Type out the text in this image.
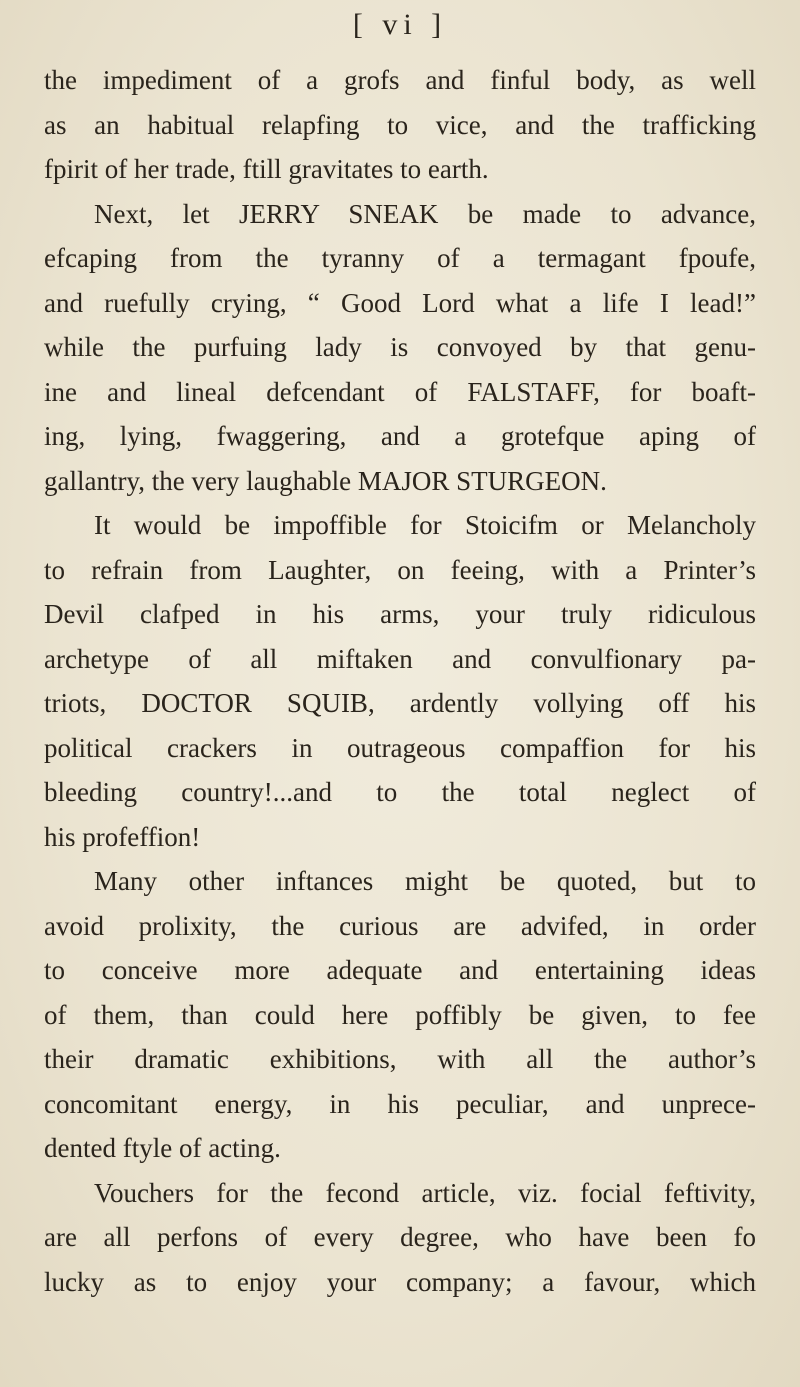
[ vi ]
the impediment of a grofs and finful body, as well
as an habitual relapfing to vice, and the trafficking
fpirit of her trade, ftill gravitates to earth.
Next, let JERRY SNEAK be made to advance,
efcaping from the tyranny of a termagant fpoufe,
and ruefully crying, “ Good Lord what a life I lead!”
while the purfuing lady is convoyed by that genu-
ine and lineal defcendant of FALSTAFF, for boaft-
ing, lying, fwaggering, and a grotefque aping of
gallantry, the very laughable MAJOR STURGEON.
It would be impoffible for Stoicifm or Melancholy
to refrain from Laughter, on feeing, with a Printer’s
Devil clafped in his arms, your truly ridiculous
archetype of all miftaken and convulfionary pa-
triots, DOCTOR SQUIB, ardently vollying off his
political crackers in outrageous compaffion for his
bleeding country!...and to the total neglect of
his profeffion!
Many other inftances might be quoted, but to
avoid prolixity, the curious are advifed, in order
to conceive more adequate and entertaining ideas
of them, than could here poffibly be given, to fee
their dramatic exhibitions, with all the author’s
concomitant energy, in his peculiar, and unprece-
dented ftyle of acting.
Vouchers for the fecond article, viz. focial feftivity,
are all perfons of every degree, who have been fo
lucky as to enjoy your company; a favour, which
